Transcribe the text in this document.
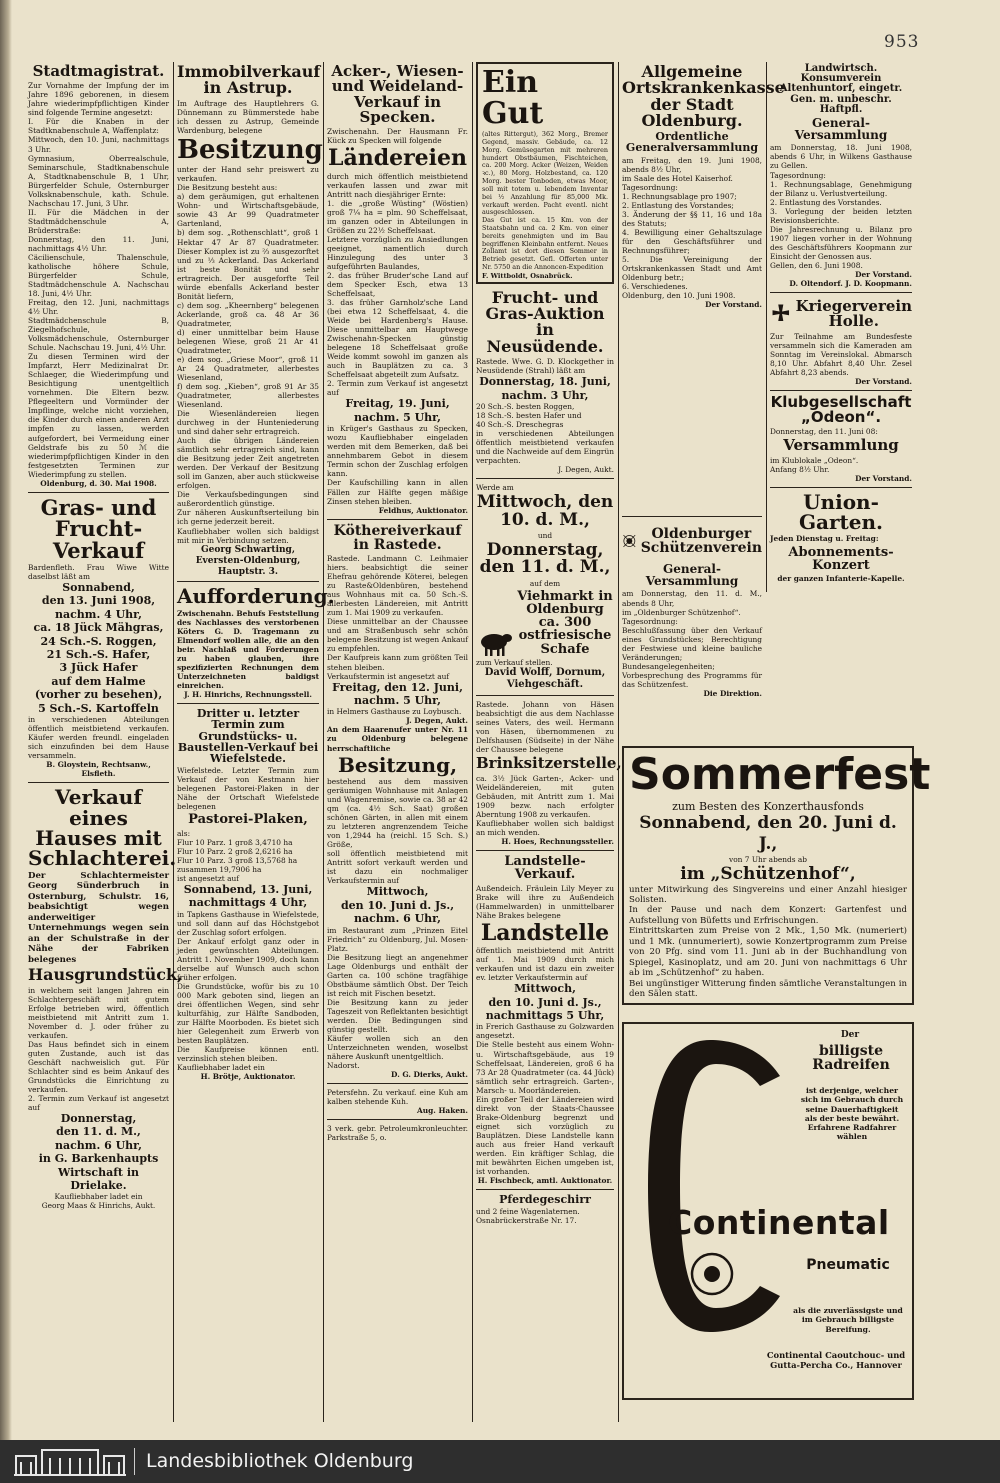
953
Stadtmagistrat.

Zur Vornahme der Impfung der im Jahre 1896 geborenen, in diesem Jahre wiederimpfpflichtigen Kinder sind folgende Termine angesetzt:
I. Für die Knaben in der Stadtknabenschule A, Waffenplatz:
Mittwoch, den 10. Juni, nachmittags 3 Uhr.
Gymnasium, Oberrealschule, Seminarschule, Stadtknabenschule A, Stadtknabenschule B, 1 Uhr, Bürgerfelder Schule, Osternburger Volksknabenschule, kath. Schule. Nachschau 17. Juni, 3 Uhr.
II. Für die Mädchen in der Stadtmädchenschule A, Brüderstraße:
Donnerstag, den 11. Juni, nachmittags 4½ Uhr.
Cäcilienschule, Thalenschule, katholische höhere Schule, Bürgerfelder Schule, Stadtmädchenschule A. Nachschau 18. Juni, 4½ Uhr.
Freitag, den 12. Juni, nachmittags 4½ Uhr.
Stadtmädchenschule B, Ziegelhofschule, Volksmädchenschule, Osternburger Schule. Nachschau 19. Juni, 4½ Uhr.
Zu diesen Terminen wird der Impfarzt, Herr Medizinalrat Dr. Schlaeger, die Wiederimpfung und Besichtigung unentgeltlich vornehmen. Die Eltern bezw. Pflegeeltern und Vormünder der Impflinge, welche nicht vorziehen, die Kinder durch einen anderen Arzt impfen zu lassen, werden aufgefordert, bei Vermeidung einer Geldstrafe bis zu 50 ℳ die wiederimpfpflichtigen Kinder in den festgesetzten Terminen zur Wiederimpfung zu stellen.

Oldenburg, d. 30. Mai 1908.

Gras- und Frucht-Verkauf

Bardenfleth. Frau Wiwe Witte daselbst läßt am

Sonnabend,
den 13. Juni 1908,
nachm. 4 Uhr,
ca. 18 Jück Mähgras,
24 Sch.-S. Roggen,
21 Sch.-S. Hafer,
3 Jück Hafer
auf dem Halme (vorher zu besehen),
5 Sch.-S. Kartoffeln

in verschiedenen Abteilungen öffentlich meistbietend verkaufen. Käufer werden freundl. eingeladen sich einzufinden bei dem Hause versammeln.

B. Gloystein, Rechtsanw., Elsfleth.

Verkauf eines Hauses mit Schlachterei.

Der Schlachtermeister Georg Sünderbruch in Osternburg, Schulstr. 16, beabsichtigt wegen anderweitiger Unternehmungs wegen sein an der Schulstraße in der Nähe der Fabriken belegenes

Hausgrundstück,

in welchem seit langen Jahren ein Schlachtergeschäft mit gutem Erfolge betrieben wird, öffentlich meistbietend mit Antritt zum 1. November d. J. oder früher zu verkaufen.
Das Haus befindet sich in einem guten Zustande, auch ist das Geschäft nachweislich gut. Für Schlachter sind es beim Ankauf des Grundstücks die Einrichtung zu verkaufen.
2. Termin zum Verkauf ist angesetzt auf

Donnerstag,
den 11. d. M.,
nachm. 6 Uhr,
in G. Barkenhaupts Wirtschaft in Drielake.

Kaufliebhaber ladet ein
Georg Maas & Hinrichs, Aukt.

Immobilverkauf in Astrup.

Im Auftrage des Hauptlehrers G. Dünnemann zu Bümmerstede habe ich dessen zu Astrup, Gemeinde Wardenburg, belegene

Besitzung

unter der Hand sehr preiswert zu verkaufen.
Die Besitzung besteht aus:
a) dem geräumigen, gut erhaltenen Wohn- und Wirtschaftsgebäude, sowie 43 Ar 99 Quadratmeter Gartenland,
b) dem sog. „Rothenschlatt“, groß 1 Hektar 47 Ar 87 Quadratmeter. Dieser Komplex ist zu ⅔ ausgezorftet und zu ⅓ Ackerland. Das Ackerland ist beste Bonität und sehr ertragreich. Der ausgeforfte Teil würde ebenfalls Ackerland bester Bonität liefern,
c) dem sog. „Kheernberg“ belegenen Ackerlande, groß ca. 48 Ar 36 Quadratmeter,
d) einer unmittelbar beim Hause belegenen Wiese, groß 21 Ar 41 Quadratmeter,
e) dem sog. „Griese Moor“, groß 11 Ar 24 Quadratmeter, allerbestes Wiesenland,
f) dem sog. „Kieben“, groß 91 Ar 35 Quadratmeter, allerbestes Wiesenland.
Die Wiesenländereien liegen durchweg in der Hunteniederung und sind daher sehr ertragreich.
Auch die übrigen Ländereien sämtlich sehr ertragreich sind, kann die Besitzung jeder Zeit angetreten werden. Der Verkauf der Besitzung soll im Ganzen, aber auch stückweise erfolgen.
Die Verkaufsbedingungen sind außerordentlich günstige.
Zur näheren Auskunftserteilung bin ich gerne jederzeit bereit.
Kaufliebhaber wollen sich baldigst mit mir in Verbindung setzen.

Georg Schwarting,
Eversten-Oldenburg, Hauptstr. 3.

Aufforderung.

Zwischenahn. Behufs Feststellung des Nachlasses des verstorbenen Köters G. D. Tragemann zu Elmendorf wollen alle, die an den beir. Nachlaß und Forderungen zu haben glauben, ihre spezifizierten Rechnungen dem Unterzeichneten baldigst einreichen.

J. H. Hinrichs, Rechnungsstell.

Dritter u. letzter Termin zum Grundstücks- u. Baustellen-Verkauf bei Wiefelstede.

Wiefelstede. Letzter Termin zum Verkauf der von Kestmann hier belegenen Pastorei-Plaken in der Nähe der Ortschaft Wiefelstede belegenen

Pastorei-Plaken,

als:
Flur 10 Parz. 1 groß 3,4710 ha
Flur 10 Parz. 2 groß 2,6216 ha
Flur 10 Parz. 3 groß 13,5768 ha
zusammen 19,7906 ha
ist angesetzt auf

Sonnabend, 13. Juni,
nachmittags 4 Uhr,

in Tapkens Gasthause in Wiefelstede, und soll dann auf das Höchstgebot der Zuschlag sofort erfolgen.
Der Ankauf erfolgt ganz oder in jeden gewünschten Abteilungen. Antritt 1. November 1909, doch kann derselbe auf Wunsch auch schon früher erfolgen.
Die Grundstücke, wofür bis zu 10 000 Mark geboten sind, liegen an drei öffentlichen Wegen, sind sehr kulturfähig, zur Hälfte Sandboden, zur Hälfte Moorboden. Es bietet sich hier Gelegenheit zum Erwerb von besten Bauplätzen.
Die Kaufpreise können entl. verzinslich stehen bleiben.
Kaufliebhaber ladet ein

H. Brötje, Auktionator.

Acker-, Wiesen- und Weideland-Verkauf in Specken.

Zwischenahn. Der Hausmann Fr. Kück zu Specken will folgende

Ländereien

durch mich öffentlich meistbietend verkaufen lassen und zwar mit Antritt nach diesjähriger Ernte:
1. die „große Wüsting“ (Wöstien) groß 7¼ ha = plm. 90 Scheffelsaat, im ganzen oder in Abteilungen in Größen zu 22½ Scheffelsaat.
Letztere vorzüglich zu Ansiedlungen geeignet, namentlich durch Hinzulegung des unter 3 aufgeführten Baulandes,
2. das früher Bruder'sche Land auf dem Specker Esch, etwa 13 Scheffelsaat,
3. das früher Garnholz'sche Land (bei etwa 12 Scheffelsaat, 4. die Weide bei Hardenberg's Hause. Diese unmittelbar am Hauptwege Zwischenahn-Specken günstig belegene 18 Scheffelsaat große Weide kommt sowohl im ganzen als auch in Bauplätzen zu ca. 3 Scheffelsaat abgeteilt zum Aufsatz.
2. Termin zum Verkauf ist angesetzt auf

Freitag, 19. Juni,
nachm. 5 Uhr,

in Krüger's Gasthaus zu Specken, wozu Kaufliebhaber eingeladen werden mit dem Bemerken, daß bei annehmbarem Gebot in diesem Termin schon der Zuschlag erfolgen kann.
Der Kaufschilling kann in allen Fällen zur Hälfte gegen mäßige Zinsen stehen bleiben.

Feldhus, Auktionator.

Köthereiverkauf in Rastede.

Rastede. Landmann C. Leihmaier hiers. beabsichtigt die seiner Ehefrau gehörende Köterei, belegen zu Raste&Oldenbüren, bestehend aus Wohnhaus mit ca. 50 Sch.-S. allerbesten Ländereien, mit Antritt zum 1. Mai 1909 zu verkaufen.
Diese unmittelbar an der Chaussee und am Straßenbusch sehr schön belegene Besitzung ist wegen Ankauf zu empfehlen.
Der Kaufpreis kann zum größten Teil stehen bleiben.
Verkaufstermin ist angesetzt auf

Freitag, den 12. Juni,
nachm. 5 Uhr,

in Helmers Gasthause zu Loybusch.

J. Degen, Aukt.

An dem Haarenufer unter Nr. 11 zu Oldenburg belegene herrschaftliche

Besitzung,

bestehend aus dem massiven geräumigen Wohnhause mit Anlagen und Wagenremise, sowie ca. 38 ar 42 qm (ca. 4½ Sch. Saat) großen schönen Gärten, in allen mit einem zu letzteren angrenzendem Teiche von 1,2944 ha (reichl. 15 Sch. S.) Größe,
soll öffentlich meistbietend mit Antritt sofort verkauft werden und ist dazu ein nochmaliger Verkaufstermin auf

Mittwoch,
den 10. Juni d. Js.,
nachm. 6 Uhr,

im Restaurant zum „Prinzen Eitel Friedrich“ zu Oldenburg, Jul. Mosen-Platz.
Die Besitzung liegt an angenehmer Lage Oldenburgs und enthält der Garten ca. 100 schöne tragfähige Obstbäume sämtlich Obst. Der Teich ist reich mit Fischen besetzt.
Die Besitzung kann zu jeder Tageszeit von Reflektanten besichtigt werden. Die Bedingungen sind günstig gestellt.
Käufer wollen sich an den Unterzeichneten wenden, woselbst nähere Auskunft unentgeltlich.
Nadorst.

D. G. Dierks, Aukt.

Petersfehn. Zu verkauf. eine Kuh am kalben stehende Kuh.

Aug. Haken.

3 verk. gebr. Petroleumkronleuchter. Parkstraße 5, o.

Ein Gut

(altes Rittergut), 362 Morg., Bremer Gegend, massiv. Gebäude, ca. 12 Morg. Gemüsegarten mit mehreren hundert Obstbäumen, Fischteichen, ca. 200 Morg. Acker (Weizen, Weiden ꝛc.), 80 Morg. Holzbestand, ca. 120 Morg. bester Tonboden, etwas Moor, soll mit totem u. lebendem Inventar bei ½ Anzahlung für 85,000 Mk. verkauft werden. Pacht eventl. nicht ausgeschlossen.
Das Gut ist ca. 15 Km. von der Staatsbahn und ca. 2 Km. von einer bereits genehmigten und im Bau begriffenen Kleinbahn entfernt. Neues Zollamt ist dort diesen Sommer in Betrieb gesetzt. Gefl. Offerten unter Nr. 5750 an die Annoncen-Expedition

F. Wittboldt, Osnabrück.

Frucht- und Gras-Auktion in Neusüdende.

Rastede. Wwe. G. D. Klockgether in Neusüdende (Strahl) läßt am

Donnerstag, 18. Juni,
nachm. 3 Uhr,

20 Sch.-S. besten Roggen,
18 Sch.-S. besten Hafer und
40 Sch.-S. Dreschegras
in verschiedenen Abteilungen öffentlich meistbietend verkaufen und die Nachweide auf dem Eingrün verpachten.

J. Degen, Aukt.

Werde am

Mittwoch, den 10. d. M.,

und

Donnerstag, den 11. d. M.,

auf dem

Viehmarkt in Oldenburg ca. 300 ostfriesische Schafe

zum Verkauf stellen.

David Wolff, Dornum,
Viehgeschäft.

Rastede. Johann von Häsen beabsichtigt die aus dem Nachlasse seines Vaters, des weil. Hermann von Häsen, übernommenen zu Delfshausen (Südseite) in der Nähe der Chaussee belegene

Brinksitzerstelle,

ca. 3½ Jück Garten-, Acker- und Weideländereien, mit guten Gebäuden, mit Antritt zum 1. Mai 1909 bezw. nach erfolgter Aberntung 1908 zu verkaufen.
Kaufliebhaber wollen sich baldigst an mich wenden.

H. Hoes, Rechnungssteller.

Landstelle-Verkauf.

Außendeich. Fräulein Lily Meyer zu Brake will ihre zu Außendeich (Hammelwarden) in unmittelbarer Nähe Brakes belegene

Landstelle

öffentlich meistbietend mit Antritt auf 1. Mai 1909 durch mich verkaufen und ist dazu ein zweiter ev. letzter Verkaufstermin auf

Mittwoch,
den 10. Juni d. Js.,
nachmittags 5 Uhr,

in Frerich Gasthause zu Golzwarden angesetzt.
Die Stelle besteht aus einem Wohn- u. Wirtschaftsgebäude, aus 19 Scheffelsaat, Ländereien, groß 6 ha 73 Ar 28 Quadratmeter (ca. 44 Jück) sämtlich sehr ertragreich. Garten-, Marsch- u. Moorländereien.
Ein großer Teil der Ländereien wird direkt von der Staats-Chaussee Brake-Oldenburg begrenzt und eignet sich vorzüglich zu Bauplätzen. Diese Landstelle kann auch aus freier Hand verkauft werden. Ein kräftiger Schlag, die mit bewährten Eichen umgeben ist, ist vorhanden.

H. Fischbeck, amtl. Auktionator.

Pferdegeschirr

und 2 feine Wagenlaternen.
Osnabrückerstraße Nr. 17.

Landwirtsch. Konsumverein Altenhuntorf, eingetr. Gen. m. unbeschr. Haftpfl.
General-Versammlung

am Donnerstag, 18. Juni 1908, abends 6 Uhr, in Wilkens Gasthause zu Gellen.
Tagesordnung:
1. Rechnungsablage, Genehmigung der Bilanz u. Verlustverteilung.
2. Entlastung des Vorstandes.
3. Vorlegung der beiden letzten Revisionsberichte.
Die Jahresrechnung u. Bilanz pro 1907 liegen vorher in der Wohnung des Geschäftsführers Koopmann zur Einsicht der Genossen aus.
Gellen, den 6. Juni 1908.

Der Vorstand.
D. Oltendorf. J. D. Koopmann.

Kriegerverein Holle.

Zur Teilnahme am Bundesfeste versammeln sich die Kameraden am Sonntag im Vereinslokal. Abmarsch 8,10 Uhr. Abfahrt 8,40 Uhr. Zesel Abfahrt 8,23 abends.

Der Vorstand.

Klubgesellschaft „Odeon“.

Donnerstag, den 11. Juni 08:

Versammlung

im Klublokale „Odeon“.
Anfang 8½ Uhr.

Der Vorstand.

Union-Garten.

Jeden Dienstag u. Freitag:

Abonnements-Konzert

der ganzen Infanterie-Kapelle.

Allgemeine Ortskrankenkasse der Stadt Oldenburg.
Ordentliche Generalversammlung

am Freitag, den 19. Juni 1908, abends 8½ Uhr,
im Saale des Hotel Kaiserhof.
Tagesordnung:
1. Rechnungsablage pro 1907;
2. Entlastung des Vorstandes;
3. Änderung der §§ 11, 16 und 18a des Statuts;
4. Bewilligung einer Gehaltszulage für den Geschäftsführer und Rechnungsführer;
5. Die Vereinigung der Ortskrankenkassen Stadt und Amt Oldenburg betr.;
6. Verschiedenes.
Oldenburg, den 10. Juni 1908.

Der Vorstand.

Oldenburger Schützenverein
General-Versammlung

am Donnerstag, den 11. d. M., abends 8 Uhr,
im „Oldenburger Schützenhof“.
Tagesordnung:
Beschlußfassung über den Verkauf eines Grundstückes; Berechtigung der Festwiese und kleine bauliche Veränderungen; Bundesangelegenheiten; Vorbesprechung des Programms für das Schützenfest.

Die Direktion.

Sommerfest

zum Besten des Konzerthausfonds

Sonnabend, den 20. Juni d. J.,

von 7 Uhr abends ab

im „Schützenhof“,

unter Mitwirkung des Singvereins und einer Anzahl hiesiger Solisten.
In der Pause und nach dem Konzert: Gartenfest und Aufstellung von Büfetts und Erfrischungen.
Eintrittskarten zum Preise von 2 Mk., 1,50 Mk. (numeriert) und 1 Mk. (unnumeriert), sowie Konzertprogramm zum Preise von 20 Pfg. sind vom 11. Juni ab in der Buchhandlung von Spiegel, Kasinoplatz, und am 20. Juni von nachmittags 6 Uhr ab im „Schützenhof“ zu haben.
Bei ungünstiger Witterung finden sämtliche Veranstaltungen in den Sälen statt.

Der

billigste Radreifen

ist derjenige, welcher sich im Gebrauch durch seine Dauerhaftigkeit als der beste bewährt. Erfahrene Radfahrer wählen

Continental
Pneumatic

als die zuverlässigste und im Gebrauch billigste Bereifung.

Continental Caoutchouc- und Gutta-Percha Co., Hannover

Landesbibliothek Oldenburg
